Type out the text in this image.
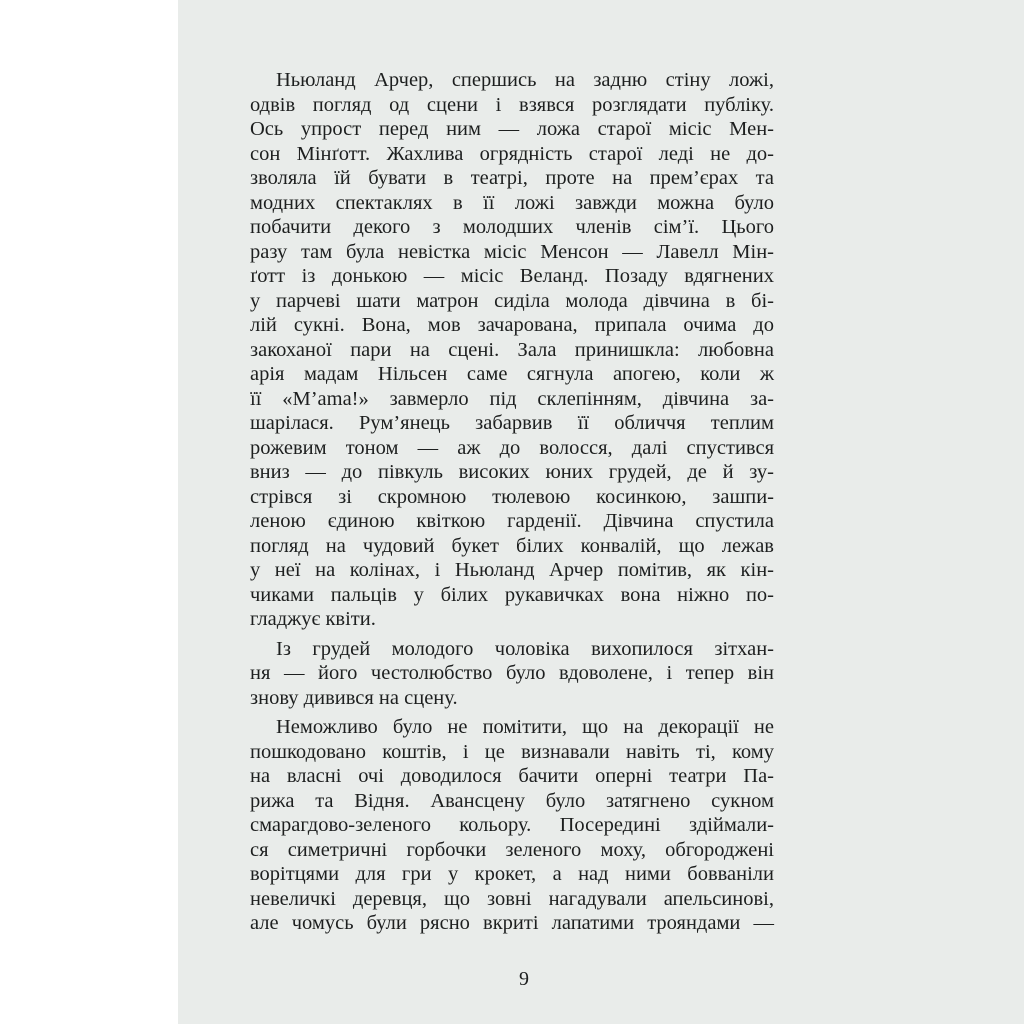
Ньюланд Арчер, спершись на задню стіну ложі,
одвів погляд од сцени і взявся розглядати публіку.
Ось упрост перед ним — ложа старої місіс Мен-
сон Мінґотт. Жахлива огрядність старої леді не до-
зволяла їй бувати в театрі, проте на прем’єрах та
модних спектаклях в її ложі завжди можна було
побачити декого з молодших членів сім’ї. Цього
разу там була невістка місіс Менсон — Лавелл Мін-
ґотт із донькою — місіс Веланд. Позаду вдягнених
у парчеві шати матрон сиділа молода дівчина в бі-
лій сукні. Вона, мов зачарована, припала очима до
закоханої пари на сцені. Зала принишкла: любовна
арія мадам Нільсен саме сягнула апогею, коли ж
її «M’ama!» завмерло під склепінням, дівчина за-
шарілася. Рум’янець забарвив її обличчя теплим
рожевим тоном — аж до волосся, далі спустився
вниз — до півкуль високих юних грудей, де й зу-
стрівся зі скромною тюлевою косинкою, зашпи-
леною єдиною квіткою гарденії. Дівчина спустила
погляд на чудовий букет білих конвалій, що лежав
у неї на колінах, і Ньюланд Арчер помітив, як кін-
чиками пальців у білих рукавичках вона ніжно по-
гладжує квіти.
Із грудей молодого чоловіка вихопилося зітхан-
ня — його честолюбство було вдоволене, і тепер він
знову дивився на сцену.
Неможливо було не помітити, що на декорації не
пошкодовано коштів, і це визнавали навіть ті, кому
на власні очі доводилося бачити оперні театри Па-
рижа та Відня. Авансцену було затягнено сукном
смарагдово-зеленого кольору. Посередині здіймали-
ся симетричні горбочки зеленого моху, обгороджені
ворітцями для гри у крокет, а над ними бовваніли
невеличкі деревця, що зовні нагадували апельсинові,
але чомусь були рясно вкриті лапатими трояндами —
9
